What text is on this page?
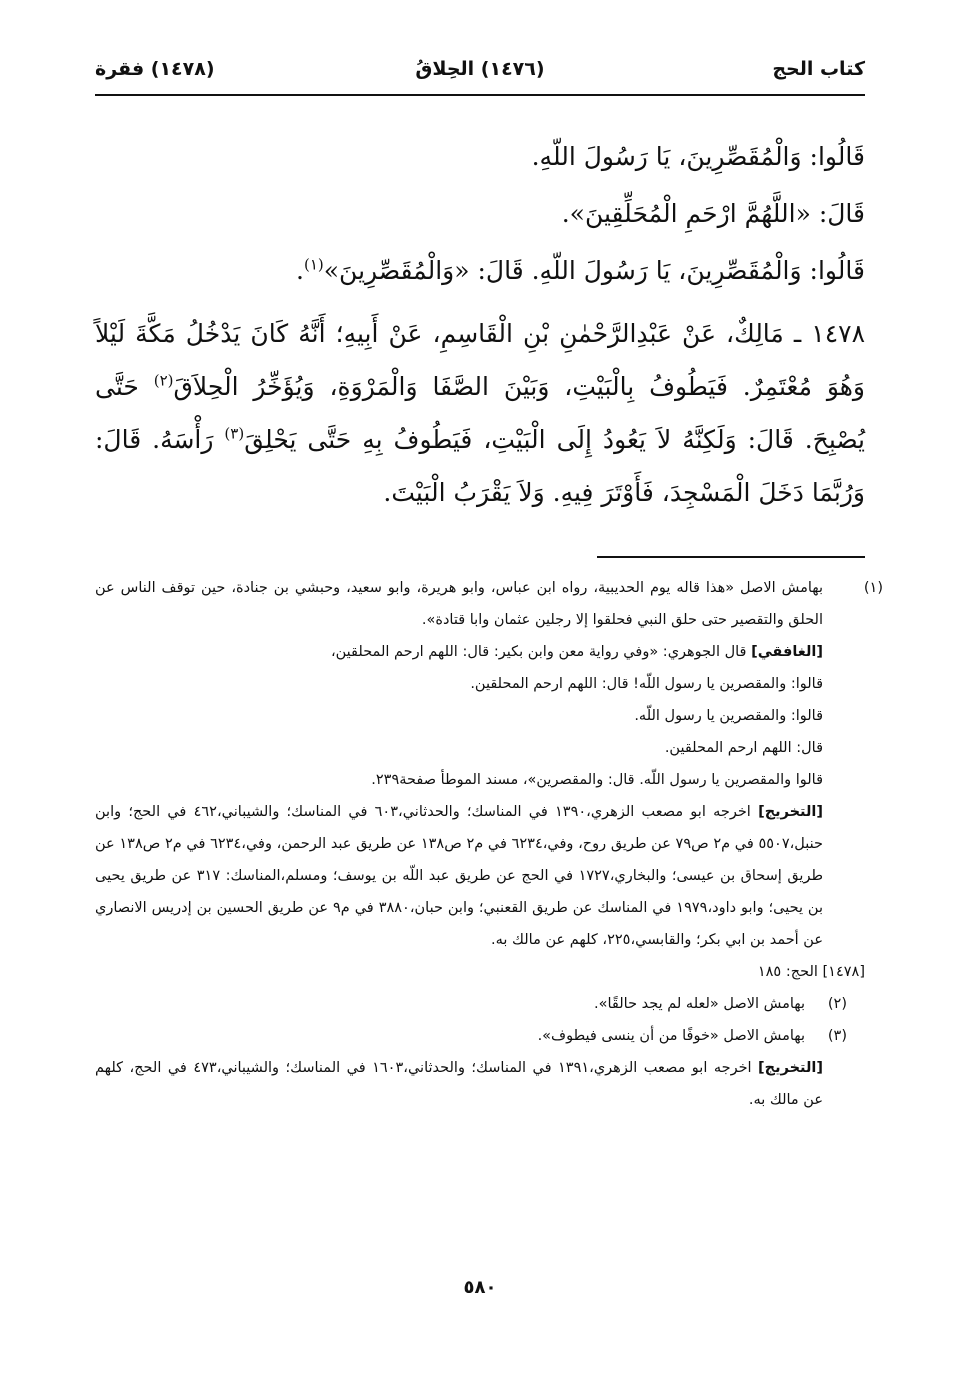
كتاب الحج
(١٤٧٦) الحِلاقُ
(١٤٧٨) فقرة

قَالُوا: وَالْمُقَصِّرِينَ، يَا رَسُولَ اللّهِ.

قَالَ: «اللَّهُمَّ ارْحَمِ الْمُحَلِّقِينَ».

قَالُوا: وَالْمُقَصِّرِينَ، يَا رَسُولَ اللّهِ. قَالَ: «وَالْمُقَصِّرِينَ»$^{(١)}$.

١٤٧٨ ـ مَالِكٌ، عَنْ عَبْدِالرَّحْمٰنِ بْنِ الْقَاسِمِ، عَنْ أَبِيهِ؛ أَنَّهُ كَانَ يَدْخُلُ مَكَّةَ لَيْلاً وَهُوَ مُعْتَمِرٌ. فَيَطُوفُ بِالْبَيْتِ، وَبَيْنَ الصَّفَا وَالْمَرْوَةِ، وَيُؤَخِّرُ الْحِلاَقَ$^{(٢)}$ حَتَّى يُصْبِحَ. قَالَ: وَلَكِنَّهُ لاَ يَعُودُ إِلَى الْبَيْتِ، فَيَطُوفُ بِهِ حَتَّى يَحْلِقَ$^{(٣)}$ رَأْسَهُ. قَالَ: وَرُبَّمَا دَخَلَ الْمَسْجِدَ، فَأَوْتَرَ فِيهِ. وَلاَ يَقْرَبُ الْبَيْتَ.

(١)بهامش الاصل «هذا قاله يوم الحديبية، رواه ابن عباس، وابو هريرة، وابو سعيد، وحبشي بن جنادة، حين توقف الناس عن الحلق والتقصير حتى حلق النبي فحلقوا إلا رجلين عثمان وابا قتادة».

[الغافقي] قال الجوهري: «وفي رواية معن وابن بكير: قال: اللهم ارحم المحلقين،

قالوا: والمقصرين يا رسول اللّه! قال: اللهم ارحم المحلقين.

قالوا: والمقصرين يا رسول اللّه.

قال: اللهم ارحم المحلقين.

قالوا والمقصرين يا رسول اللّه. قال: والمقصرين»، مسند الموطأ صفحة٢٣٩.

[التخريج] اخرجه ابو مصعب الزهري،١٣٩٠ في المناسك؛ والحدثاني،٦٠٣ في المناسك؛ والشيباني،٤٦٢ في الحج؛ وابن حنبل،٥٥٠٧ في م٢ ص٧٩ عن طريق روح، وفي،٦٢٣٤ في م٢ ص١٣٨ عن طريق عبد الرحمن، وفي،٦٢٣٤ في م٢ ص١٣٨ عن طريق إسحاق بن عيسى؛ والبخاري،١٧٢٧ في الحج عن طريق عبد اللّه بن يوسف؛ ومسلم،المناسك: ٣١٧ عن طريق يحيى بن يحيى؛ وابو داود،١٩٧٩ في المناسك عن طريق القعنبي؛ وابن حبان،٣٨٨٠ في م٩ عن طريق الحسين بن إدريس الانصاري عن أحمد بن ابي بكر؛ والقابسي،٢٢٥، كلهم عن مالك به.

[١٤٧٨] الحج: ١٨٥

(٢)بهامش الاصل «لعله لم يجد حالقًا».

(٣)بهامش الاصل «خوفًا من أن ينسى فيطوف».

[التخريج] اخرجه ابو مصعب الزهري،١٣٩١ في المناسك؛ والحدثاني،١٦٠٣ في المناسك؛ والشيباني،٤٧٣ في الحج، كلهم عن مالك به.

٥٨٠
